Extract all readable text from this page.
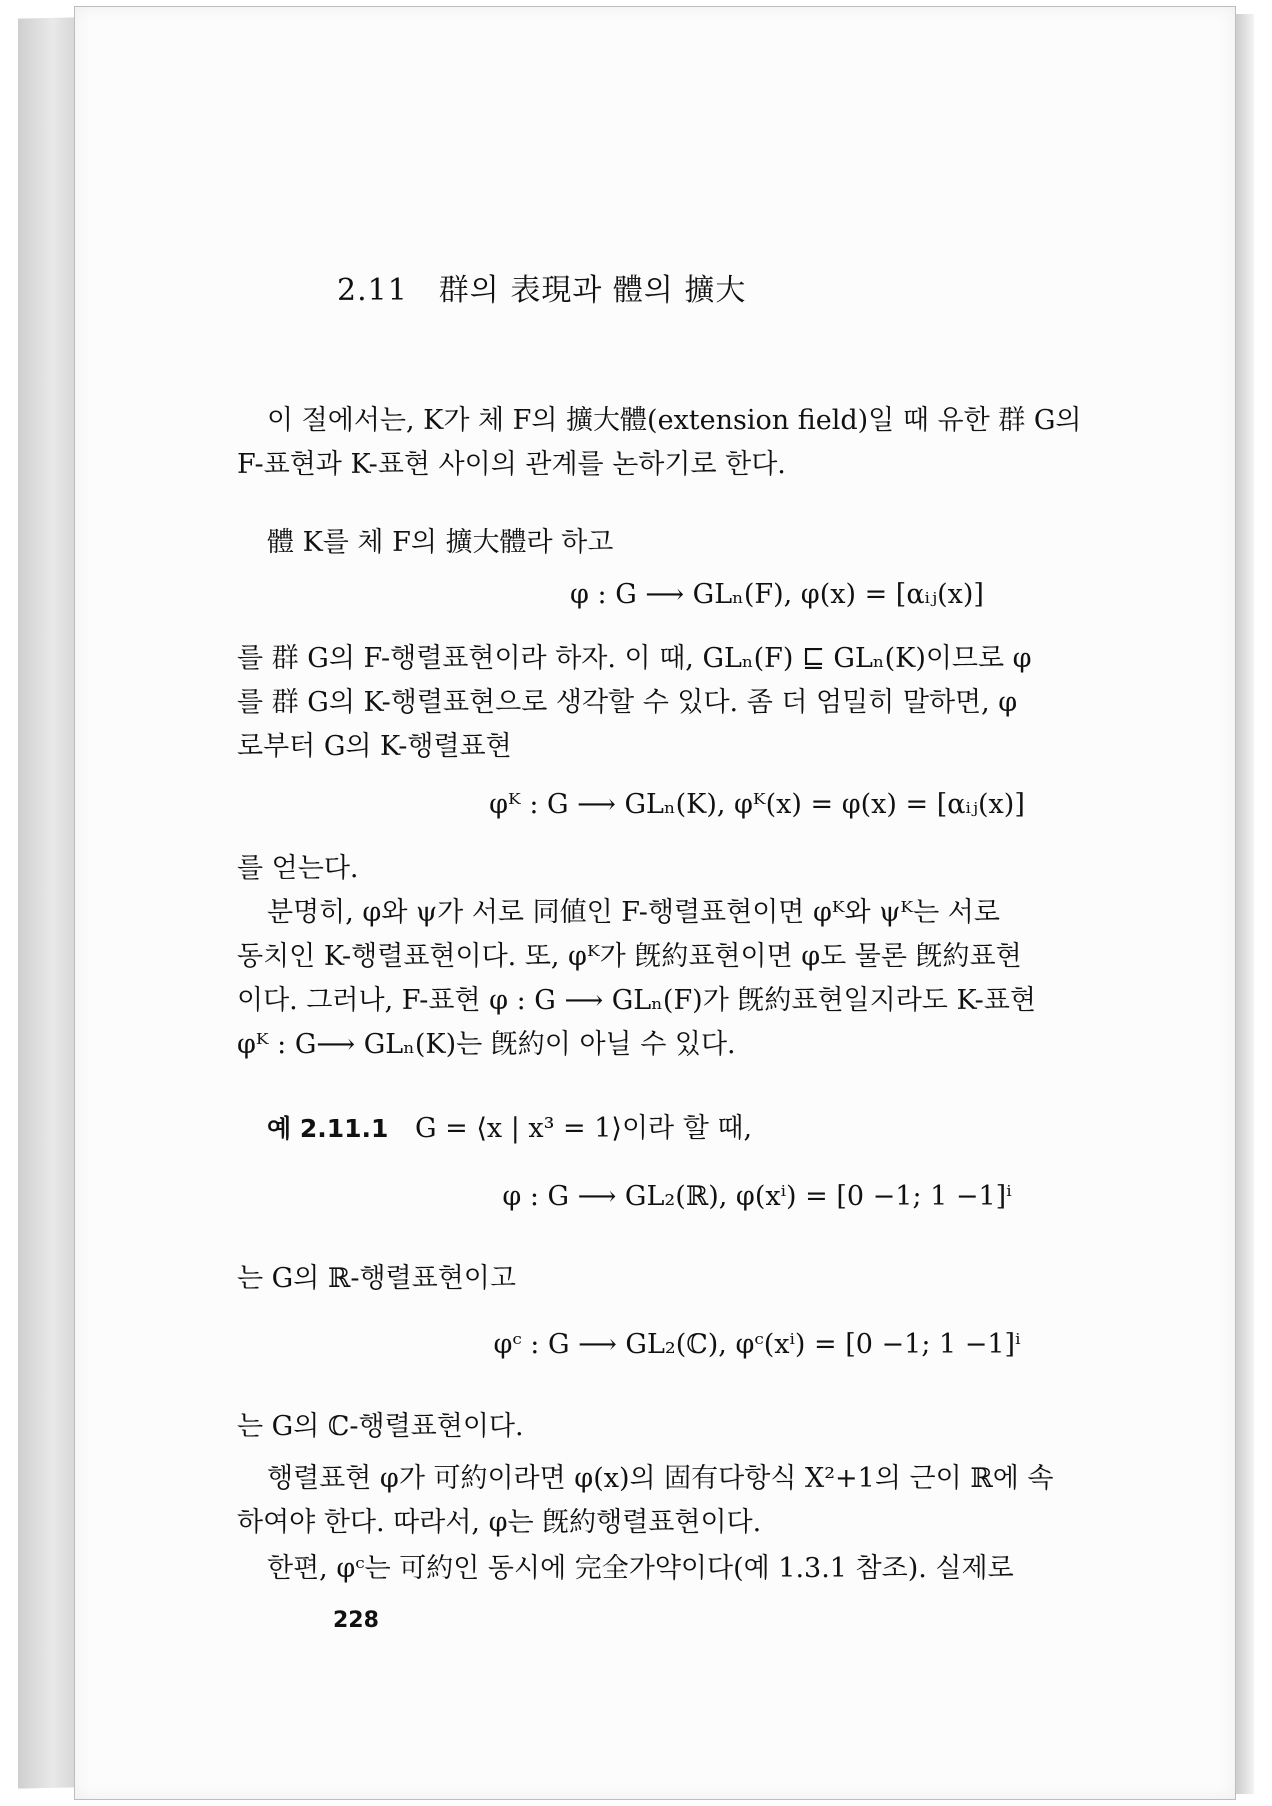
2.11　群의 表現과 體의 擴大
이 절에서는, K가 체 F의 擴大體(extension field)일 때 유한 群 G의
F-표현과 K-표현 사이의 관계를 논하기로 한다.
體 K를 체 F의 擴大體라 하고
φ : G ⟶ GLₙ(F), φ(x) = [αᵢⱼ(x)]
를 群 G의 F-행렬표현이라 하자. 이 때, GLₙ(F) ⊑ GLₙ(K)이므로 φ
를 群 G의 K-행렬표현으로 생각할 수 있다. 좀 더 엄밀히 말하면, φ
로부터 G의 K-행렬표현
φᴷ : G ⟶ GLₙ(K), φᴷ(x) = φ(x) = [αᵢⱼ(x)]
를 얻는다.
분명히, φ와 ψ가 서로 同値인 F-행렬표현이면 φᴷ와 ψᴷ는 서로
동치인 K-행렬표현이다. 또, φᴷ가 旣約표현이면 φ도 물론 旣約표현
이다. 그러나, F-표현 φ : G ⟶ GLₙ(F)가 旣約표현일지라도 K-표현
φᴷ : G⟶ GLₙ(K)는 旣約이 아닐 수 있다.
예 2.11.1 G = ⟨x | x³ = 1⟩이라 할 때,
φ : G ⟶ GL₂(ℝ), φ(xⁱ) = [0 −1; 1 −1]ⁱ
는 G의 ℝ-행렬표현이고
φᶜ : G ⟶ GL₂(ℂ), φᶜ(xⁱ) = [0 −1; 1 −1]ⁱ
는 G의 ℂ-행렬표현이다.
행렬표현 φ가 可約이라면 φ(x)의 固有다항식 X²+1의 근이 ℝ에 속
하여야 한다. 따라서, φ는 旣約행렬표현이다.
한편, φᶜ는 可約인 동시에 完全가약이다(예 1.3.1 참조). 실제로
228
